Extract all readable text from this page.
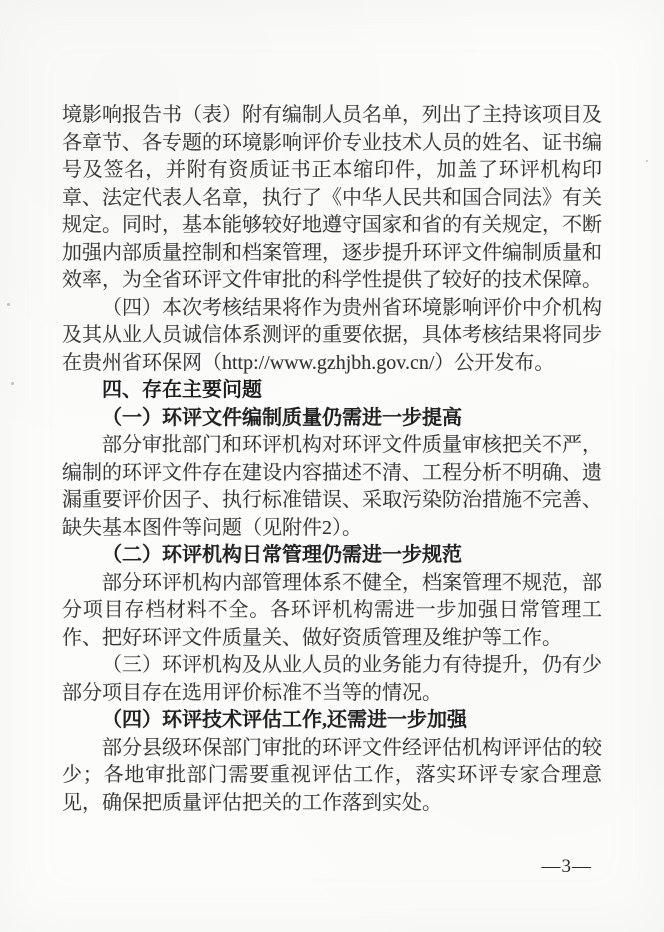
境影响报告书（表）附有编制人员名单，列出了主持该项目及各章节、各专题的环境影响评价专业技术人员的姓名、证书编号及签名，并附有资质证书正本缩印件，加盖了环评机构印章、法定代表人名章，执行了《中华人民共和国合同法》有关规定。同时，基本能够较好地遵守国家和省的有关规定，不断加强内部质量控制和档案管理，逐步提升环评文件编制质量和效率，为全省环评文件审批的科学性提供了较好的技术保障。

（四）本次考核结果将作为贵州省环境影响评价中介机构及其从业人员诚信体系测评的重要依据，具体考核结果将同步在贵州省环保网（http://www.gzhjbh.gov.cn/）公开发布。

四、存在主要问题

（一）环评文件编制质量仍需进一步提高

部分审批部门和环评机构对环评文件质量审核把关不严，编制的环评文件存在建设内容描述不清、工程分析不明确、遗漏重要评价因子、执行标准错误、采取污染防治措施不完善、缺失基本图件等问题（见附件2）。

（二）环评机构日常管理仍需进一步规范

部分环评机构内部管理体系不健全，档案管理不规范，部分项目存档材料不全。各环评机构需进一步加强日常管理工作、把好环评文件质量关、做好资质管理及维护等工作。

（三）环评机构及从业人员的业务能力有待提升，仍有少部分项目存在选用评价标准不当等的情况。

（四）环评技术评估工作,还需进一步加强

部分县级环保部门审批的环评文件经评估机构评评估的较少；各地审批部门需要重视评估工作，落实环评专家合理意见，确保把质量评估把关的工作落到实处。

—3—
